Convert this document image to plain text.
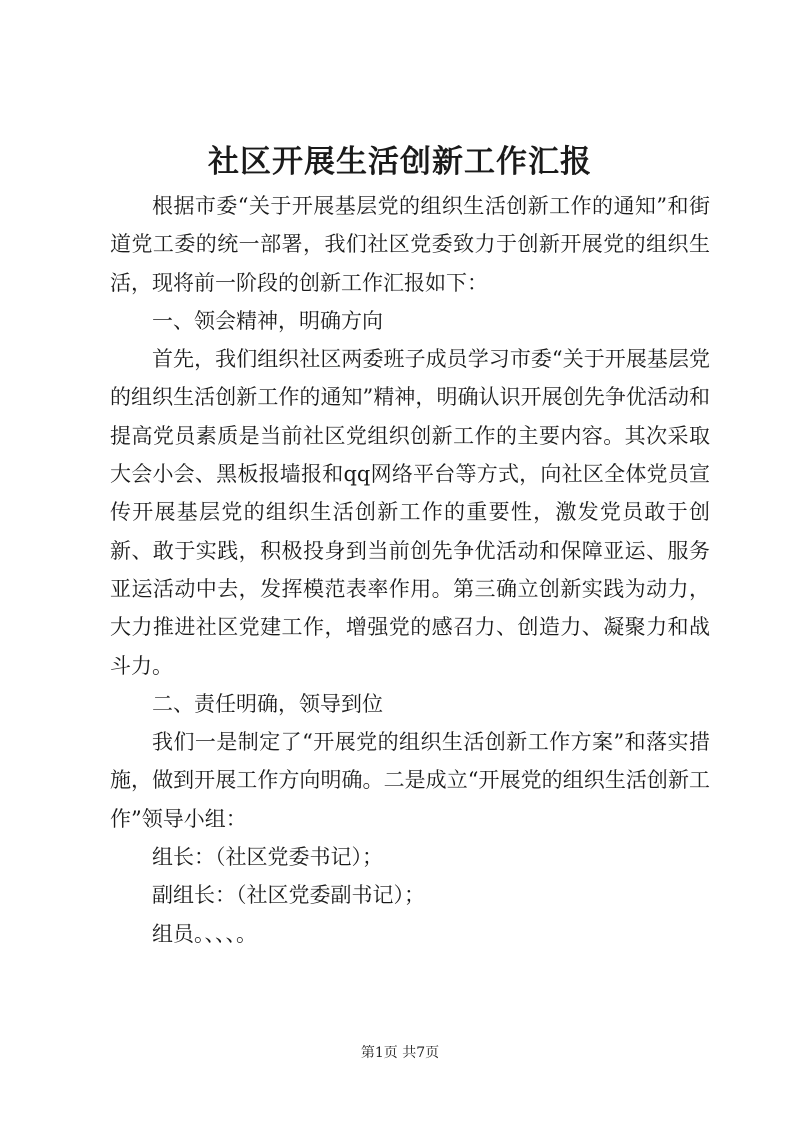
社区开展生活创新工作汇报

根据市委“关于开展基层党的组织生活创新工作的通知”和街道党工委的统一部署，我们社区党委致力于创新开展党的组织生活，现将前一阶段的创新工作汇报如下：

一、领会精神，明确方向

首先，我们组织社区两委班子成员学习市委“关于开展基层党的组织生活创新工作的通知”精神，明确认识开展创先争优活动和提高党员素质是当前社区党组织创新工作的主要内容。其次采取大会小会、黑板报墙报和qq网络平台等方式，向社区全体党员宣传开展基层党的组织生活创新工作的重要性，激发党员敢于创新、敢于实践，积极投身到当前创先争优活动和保障亚运、服务亚运活动中去，发挥模范表率作用。第三确立创新实践为动力，大力推进社区党建工作，增强党的感召力、创造力、凝聚力和战斗力。

二、责任明确，领导到位

我们一是制定了“开展党的组织生活创新工作方案”和落实措施，做到开展工作方向明确。二是成立“开展党的组织生活创新工作”领导小组：

组长：（社区党委书记）；

副组长：（社区党委副书记）；

组员。、、、。

第1页 共7页
